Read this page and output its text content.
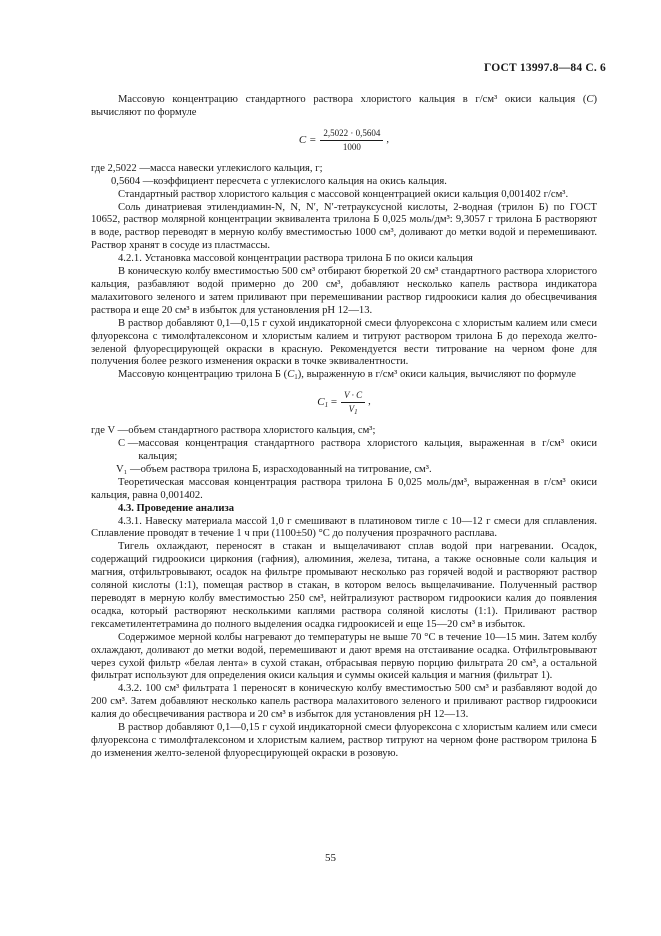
ГОСТ 13997.8—84 С. 6

Массовую концентрацию стандартного раствора хлористого кальция в г/см³ окиси кальция (C) вычисляют по формуле

$C = \frac{2,5022 \cdot 0,5604}{1000}$ ,
где 2,5022 — масса навески углекислого кальция, г;
0,5604 — коэффициент пересчета с углекислого кальция на окись кальция.

Стандартный раствор хлористого кальция с массовой концентрацией окиси кальция 0,001402 г/см³.

Соль динатриевая этилендиамин-N, N, N′, N′-тетрауксусной кислоты, 2-водная (трилон Б) по ГОСТ 10652, раствор молярной концентрации эквивалента трилона Б 0,025 моль/дм³: 9,3057 г трилона Б растворяют в воде, раствор переводят в мерную колбу вместимостью 1000 см³, доливают до метки водой и перемешивают. Раствор хранят в сосуде из пластмассы.

4.2.1. Установка массовой концентрации раствора трилона Б по окиси кальция

В коническую колбу вместимостью 500 см³ отбирают бюреткой 20 см³ стандартного раствора хлористого кальция, разбавляют водой примерно до 200 см³, добавляют несколько капель раствора индикатора малахитового зеленого и затем приливают при перемешивании раствор гидроокиси калия до обесцвечивания раствора и еще 20 см³ в избыток для установления рН 12—13.

В раствор добавляют 0,1—0,15 г сухой индикаторной смеси флуорексона с хлористым калием или смеси флуорексона с тимолфталексоном и хлористым калием и титруют раствором трилона Б до перехода желто-зеленой флуоресцирующей окраски в красную. Рекомендуется вести титрование на черном фоне для получения более резкого изменения окраски в точке эквивалентности.

Массовую концентрацию трилона Б $(C_1)$, выраженную в г/см³ окиси кальция, вычисляют по формуле

$C_1 = \frac{V \cdot C}{V_1}$ ,
где V — объем стандартного раствора хлористого кальция, см³;
C — массовая концентрация стандартного раствора хлористого кальция, выраженная в г/см³ окиси кальция;
V₁ — объем раствора трилона Б, израсходованный на титрование, см³.

Теоретическая массовая концентрация раствора трилона Б 0,025 моль/дм³, выраженная в г/см³ окиси кальция, равна 0,001402.

4.3. Проведение анализа

4.3.1. Навеску материала массой 1,0 г смешивают в платиновом тигле с 10—12 г смеси для сплавления. Сплавление проводят в течение 1 ч при (1100±50) °С до получения прозрачного расплава.

Тигель охлаждают, переносят в стакан и выщелачивают сплав водой при нагревании. Осадок, содержащий гидроокиси циркония (гафния), алюминия, железа, титана, а также основные соли кальция и магния, отфильтровывают, осадок на фильтре промывают несколько раз горячей водой и растворяют раствор соляной кислоты (1:1), помещая раствор в стакан, в котором велось выщелачивание. Полученный раствор переводят в мерную колбу вместимостью 250 см³, нейтрализуют раствором гидроокиси калия до появления осадка, который растворяют несколькими каплями раствора соляной кислоты (1:1). Приливают раствор гексаметилентетрамина до полного выделения осадка гидроокисей и еще 15—20 см³ в избыток.

Содержимое мерной колбы нагревают до температуры не выше 70 °С в течение 10—15 мин. Затем колбу охлаждают, доливают до метки водой, перемешивают и дают время на отстаивание осадка. Отфильтровывают через сухой фильтр «белая лента» в сухой стакан, отбрасывая первую порцию фильтрата 20 см³, а остальной фильтрат используют для определения окиси кальция и суммы окисей кальция и магния (фильтрат 1).

4.3.2. 100 см³ фильтрата 1 переносят в коническую колбу вместимостью 500 см³ и разбавляют водой до 200 см³. Затем добавляют несколько капель раствора малахитового зеленого и приливают раствор гидроокиси калия до обесцвечивания раствора и 20 см³ в избыток для установления рН 12—13.

В раствор добавляют 0,1—0,15 г сухой индикаторной смеси флуорексона с хлористым калием или смеси флуорексона с тимолфталексоном и хлористым калием, раствор титруют на черном фоне раствором трилона Б до изменения желто-зеленой флуоресцирующей окраски в розовую.

55
